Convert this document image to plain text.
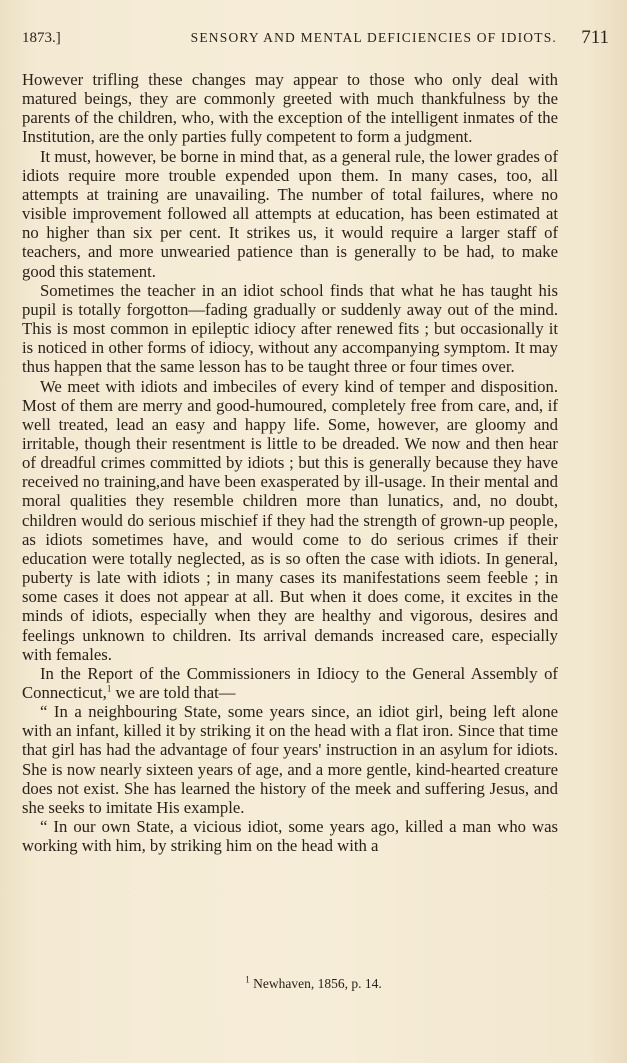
1873.]	SENSORY AND MENTAL DEFICIENCIES OF IDIOTS. 711

However trifling these changes may appear to those who only deal with matured beings, they are commonly greeted with much thankfulness by the parents of the children, who, with the exception of the intelligent inmates of the Institution, are the only parties fully competent to form a judgment.

It must, however, be borne in mind that, as a general rule, the lower grades of idiots require more trouble expended upon them. In many cases, too, all attempts at training are unavailing. The number of total failures, where no visible improvement followed all attempts at education, has been estimated at no higher than six per cent. It strikes us, it would require a larger staff of teachers, and more unwearied patience than is generally to be had, to make good this statement.

Sometimes the teacher in an idiot school finds that what he has taught his pupil is totally forgotton—fading gradually or suddenly away out of the mind. This is most common in epileptic idiocy after renewed fits ; but occasionally it is noticed in other forms of idiocy, without any accompanying symptom. It may thus happen that the same lesson has to be taught three or four times over.

We meet with idiots and imbeciles of every kind of temper and disposition. Most of them are merry and good-humoured, completely free from care, and, if well treated, lead an easy and happy life. Some, however, are gloomy and irritable, though their resentment is little to be dreaded. We now and then hear of dreadful crimes committed by idiots ; but this is generally because they have received no training,and have been exasperated by ill-usage. In their mental and moral qualities they resemble children more than lunatics, and, no doubt, children would do serious mischief if they had the strength of grown-up people, as idiots sometimes have, and would come to do serious crimes if their education were totally neglected, as is so often the case with idiots. In general, puberty is late with idiots ; in many cases its manifestations seem feeble ; in some cases it does not appear at all. But when it does come, it excites in the minds of idiots, especially when they are healthy and vigorous, desires and feelings unknown to children. Its arrival demands increased care, especially with females.

In the Report of the Commissioners in Idiocy to the General Assembly of Connecticut,$^1$ we are told that—

“ In a neighbouring State, some years since, an idiot girl, being left alone with an infant, killed it by striking it on the head with a flat iron. Since that time that girl has had the advantage of four years' instruction in an asylum for idiots. She is now nearly sixteen years of age, and a more gentle, kind-hearted creature does not exist. She has learned the history of the meek and suffering Jesus, and she seeks to imitate His example.

“ In our own State, a vicious idiot, some years ago, killed a man who was working with him, by striking him on the head with a

$^1$ Newhaven, 1856, p. 14.
